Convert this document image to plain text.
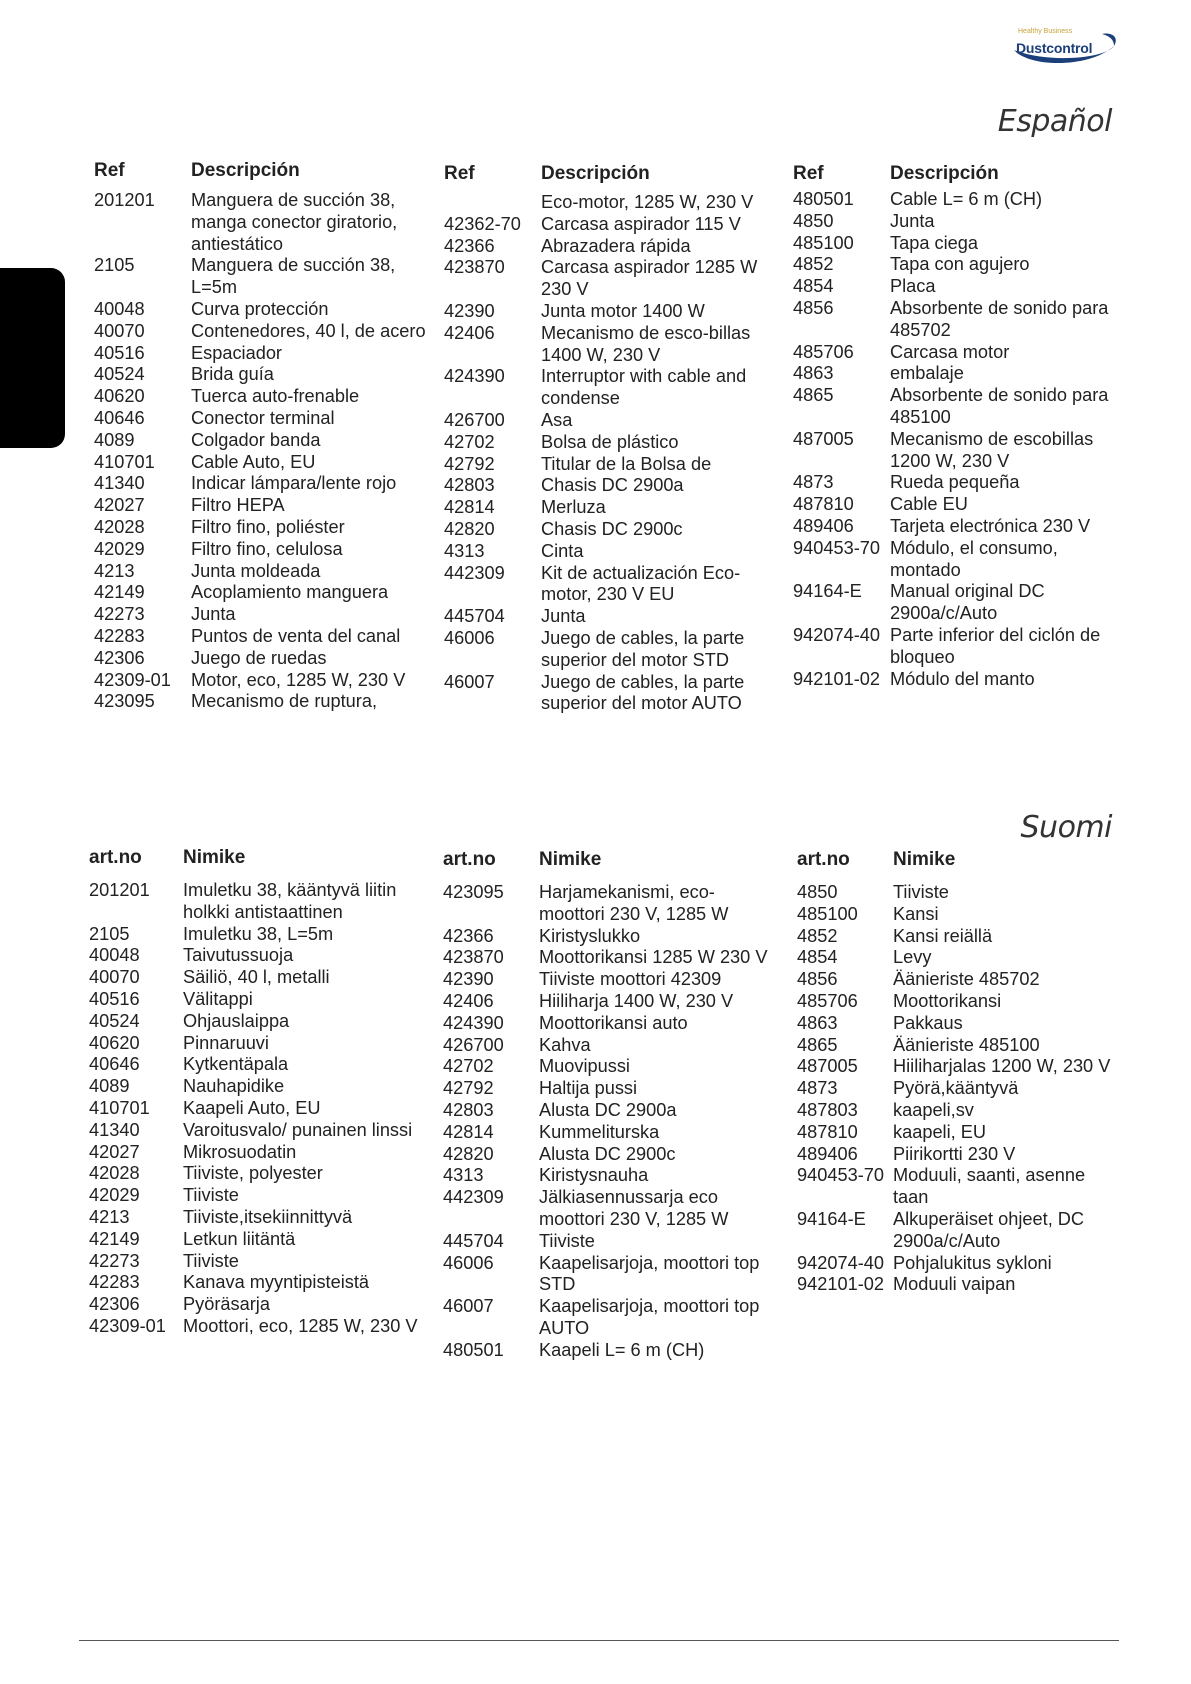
Healthy Business
Dustcontrol
Español
Ref	Descripción
201201	Manguera de succión 38, manga conector giratorio, antiestático
2105	Manguera de succión 38, L=5m
40048	Curva protección
40070	Contenedores, 40 l, de acero
40516	Espaciador
40524	Brida guía
40620	Tuerca auto-frenable
40646	Conector terminal
4089	Colgador banda
410701	Cable Auto, EU
41340	Indicar lámpara/lente rojo
42027	Filtro HEPA
42028	Filtro fino, poliéster
42029	Filtro fino, celulosa
4213	Junta moldeada
42149	Acoplamiento manguera
42273	Junta
42283	Puntos de venta del canal
42306	Juego de ruedas
42309-01	Motor, eco, 1285 W, 230 V
423095	Mecanismo de ruptura,
Ref	Descripción
Eco-motor, 1285 W, 230 V
42362-70	Carcasa aspirador 115 V
42366	Abrazadera rápida
423870	Carcasa aspirador 1285 W 230 V
42390	Junta motor 1400 W
42406	Mecanismo de esco-billas 1400 W, 230 V
424390	Interruptor with cable and condense
426700	Asa
42702	Bolsa de plástico
42792	Titular de la Bolsa de
42803	Chasis DC 2900a
42814	Merluza
42820	Chasis DC 2900c
4313	Cinta
442309	Kit de actualización Eco-motor, 230 V EU
445704	Junta
46006	Juego de cables, la parte superior del motor STD
46007	Juego de cables, la parte superior del motor AUTO
Ref	Descripción
480501	Cable L= 6 m (CH)
4850	Junta
485100	Tapa ciega
4852	Tapa con agujero
4854	Placa
4856	Absorbente de sonido para 485702
485706	Carcasa motor
4863	embalaje
4865	Absorbente de sonido para 485100
487005	Mecanismo de escobillas 1200 W, 230 V
4873	Rueda pequeña
487810	Cable EU
489406	Tarjeta electrónica 230 V
940453-70 Módulo, el consumo, montado
94164-E	Manual original DC 2900a/c/Auto
942074-40 Parte inferior del ciclón de bloqueo
942101-02 Módulo del manto
Suomi
art.no Nimike
201201	Imuletku 38, kääntyvä liitin holkki antistaattinen
2105	Imuletku 38, L=5m
40048	Taivutussuoja
40070	Säiliö, 40 l, metalli
40516	Välitappi
40524	Ohjauslaippa
40620	Pinnaruuvi
40646	Kytkentäpala
4089	Nauhapidike
410701	Kaapeli Auto, EU
41340	Varoitusvalo/ punainen linssi
42027	Mikrosuodatin
42028	Tiiviste, polyester
42029	Tiiviste
4213	Tiiviste,itsekiinnittyvä
42149	Letkun liitäntä
42273	Tiiviste
42283	Kanava myyntipisteistä
42306	Pyöräsarja
42309-01 Moottori, eco, 1285 W, 230 V
art.no Nimike
423095	Harjamekanismi, eco-moottori 230 V, 1285 W
42366	Kiristyslukko
423870	Moottorikansi 1285 W 230 V
42390	Tiiviste moottori 42309
42406	Hiiliharja 1400 W, 230 V
424390	Moottorikansi auto
426700	Kahva
42702	Muovipussi
42792	Haltija pussi
42803	Alusta DC 2900a
42814	Kummeliturska
42820	Alusta DC 2900c
4313	Kiristysnauha
442309	Jälkiasennussarja eco moottori 230 V, 1285 W
445704	Tiiviste
46006	Kaapelisarjoja, moottori top STD
46007	Kaapelisarjoja, moottori top AUTO
480501	Kaapeli L= 6 m (CH)
art.no Nimike
4850	Tiiviste
485100	Kansi
4852	Kansi reiällä
4854	Levy
4856	Äänieriste 485702
485706	Moottorikansi
4863	Pakkaus
4865	Äänieriste 485100
487005	Hiiliharjalas 1200 W, 230 V
4873	Pyörä,kääntyvä
487803	kaapeli,sv
487810	kaapeli, EU
489406	Piirikortti 230 V
940453-70 Moduuli, saanti, asenne taan
94164-E	Alkuperäiset ohjeet, DC 2900a/c/Auto
942074-40 Pohjalukitus sykloni
942101-02 Moduuli vaipan
